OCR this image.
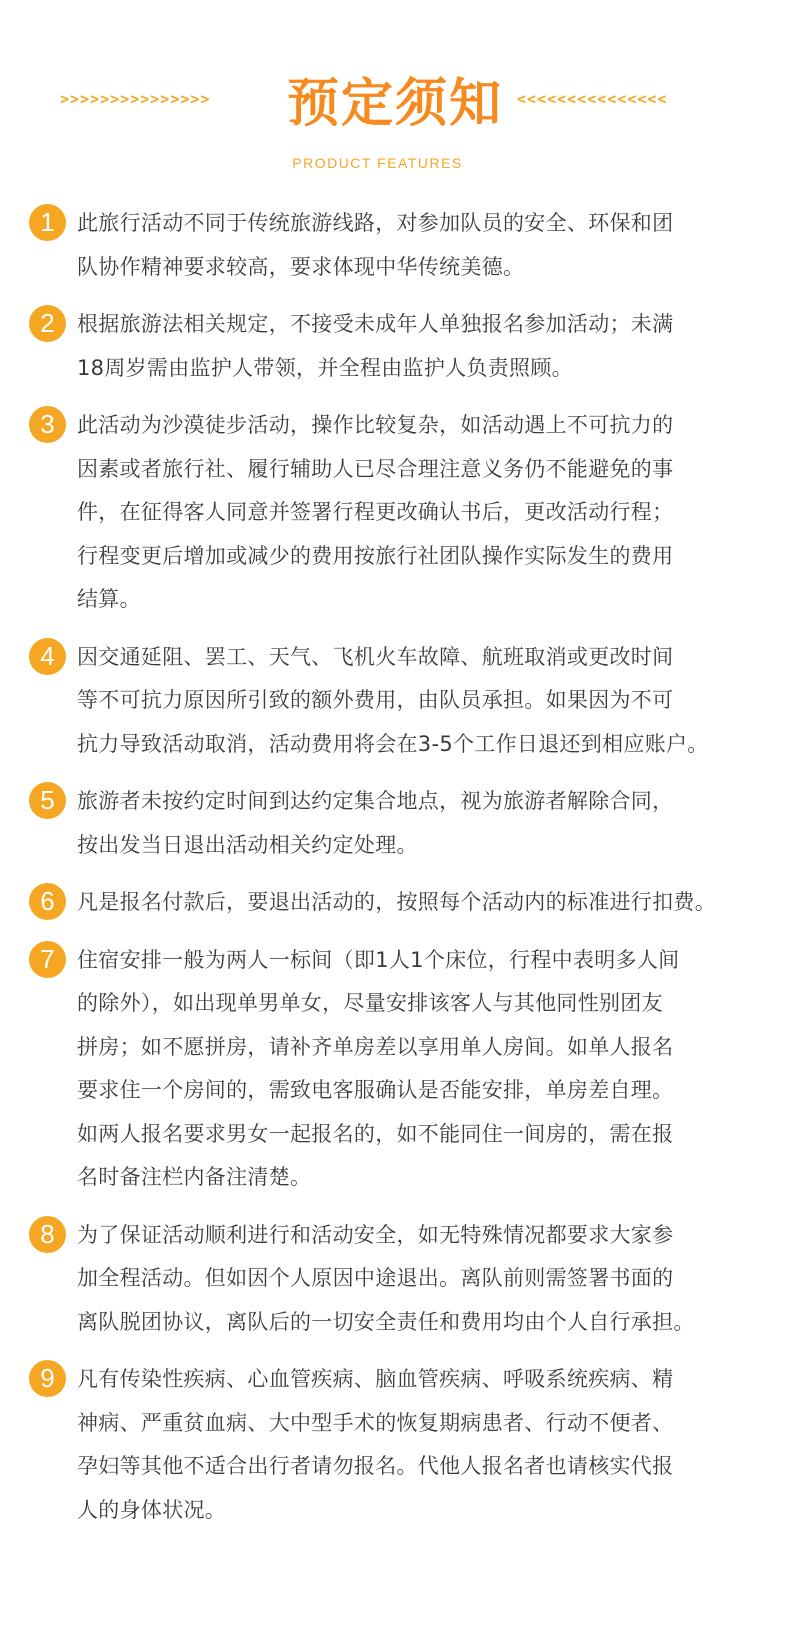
>>>>>>>>>>>>>>>	预定须知 <<<<<<<<<<<<<<<
PRODUCT FEATURES
1	此旅行活动不同于传统旅游线路，对参加队员的安全、环保和团
队协作精神要求较高，要求体现中华传统美德。
2	根据旅游法相关规定，不接受未成年人单独报名参加活动；未满
18周岁需由监护人带领，并全程由监护人负责照顾。
3	此活动为沙漠徒步活动，操作比较复杂，如活动遇上不可抗力的
因素或者旅行社、履行辅助人已尽合理注意义务仍不能避免的事
件，在征得客人同意并签署行程更改确认书后，更改活动行程；
行程变更后增加或减少的费用按旅行社团队操作实际发生的费用
结算。
4	因交通延阻、罢工、天气、飞机火车故障、航班取消或更改时间
等不可抗力原因所引致的额外费用，由队员承担。如果因为不可
抗力导致活动取消，活动费用将会在3-5个工作日退还到相应账户。
5	旅游者未按约定时间到达约定集合地点，视为旅游者解除合同，
按出发当日退出活动相关约定处理。
6	凡是报名付款后，要退出活动的，按照每个活动内的标准进行扣费。
7	住宿安排一般为两人一标间（即1人1个床位，行程中表明多人间
的除外），如出现单男单女，尽量安排该客人与其他同性别团友
拼房；如不愿拼房，请补齐单房差以享用单人房间。如单人报名
要求住一个房间的，需致电客服确认是否能安排，单房差自理。
如两人报名要求男女一起报名的，如不能同住一间房的，需在报
名时备注栏内备注清楚。
8	为了保证活动顺利进行和活动安全，如无特殊情况都要求大家参
加全程活动。但如因个人原因中途退出。离队前则需签署书面的
离队脱团协议，离队后的一切安全责任和费用均由个人自行承担。
9	凡有传染性疾病、心血管疾病、脑血管疾病、呼吸系统疾病、精
神病、严重贫血病、大中型手术的恢复期病患者、行动不便者、
孕妇等其他不适合出行者请勿报名。代他人报名者也请核实代报
人的身体状况。
